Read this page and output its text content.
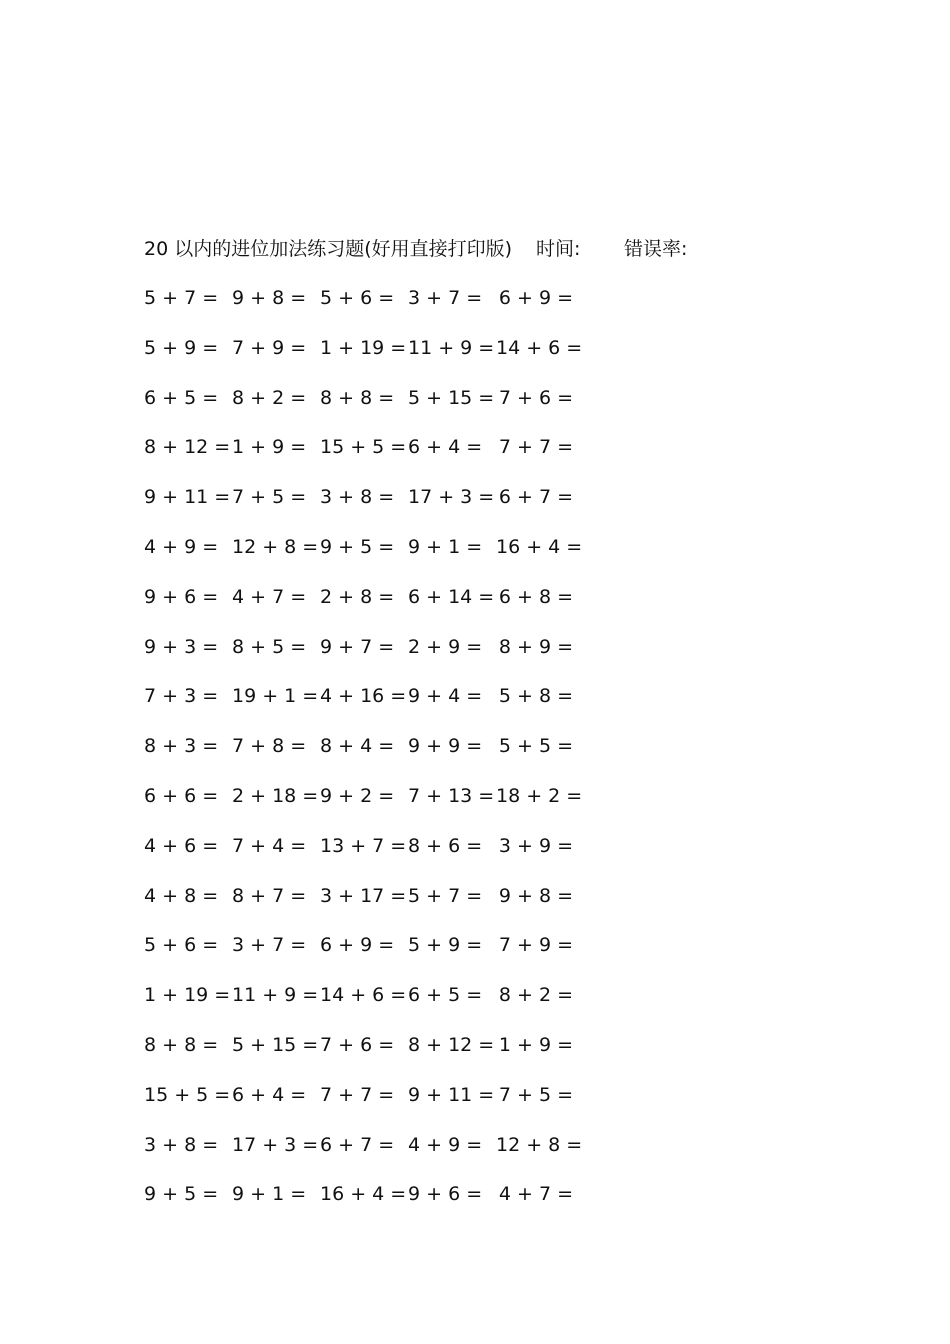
20 以内的进位加法练习题(好用直接打印版) 时间: 错误率:
5 + 7 = 9 + 8 = 5 + 6 = 3 + 7 = 6 + 9 =
5 + 9 = 7 + 9 = 1 + 19 = 11 + 9 = 14 + 6 =
6 + 5 = 8 + 2 = 8 + 8 = 5 + 15 = 7 + 6 =
8 + 12 = 1 + 9 = 15 + 5 = 6 + 4 = 7 + 7 =
9 + 11 = 7 + 5 = 3 + 8 = 17 + 3 = 6 + 7 =
4 + 9 = 12 + 8 = 9 + 5 = 9 + 1 = 16 + 4 =
9 + 6 = 4 + 7 = 2 + 8 = 6 + 14 = 6 + 8 =
9 + 3 = 8 + 5 = 9 + 7 = 2 + 9 = 8 + 9 =
7 + 3 = 19 + 1 = 4 + 16 = 9 + 4 = 5 + 8 =
8 + 3 = 7 + 8 = 8 + 4 = 9 + 9 = 5 + 5 =
6 + 6 = 2 + 18 = 9 + 2 = 7 + 13 = 18 + 2 =
4 + 6 = 7 + 4 = 13 + 7 = 8 + 6 = 3 + 9 =
4 + 8 = 8 + 7 = 3 + 17 = 5 + 7 = 9 + 8 =
5 + 6 = 3 + 7 = 6 + 9 = 5 + 9 = 7 + 9 =
1 + 19 = 11 + 9 = 14 + 6 = 6 + 5 = 8 + 2 =
8 + 8 = 5 + 15 = 7 + 6 = 8 + 12 = 1 + 9 =
15 + 5 = 6 + 4 = 7 + 7 = 9 + 11 = 7 + 5 =
3 + 8 = 17 + 3 = 6 + 7 = 4 + 9 = 12 + 8 =
9 + 5 = 9 + 1 = 16 + 4 = 9 + 6 = 4 + 7 =
